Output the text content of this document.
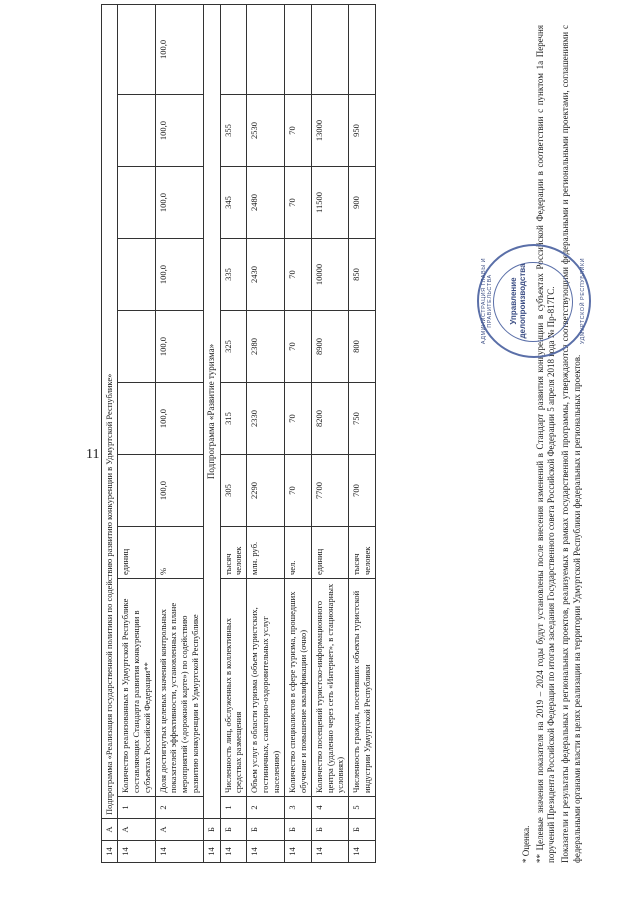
11
14	А	Подпрограмма «Реализация государственной политики по содействию развитию конкуренции в Удмуртской Республике»									
14	А	1	Количество реализованных в Удмуртской Республике составляющих Стандарта развития конкуренции в субъектах Российской Федерации**	единиц							
14	А	2	Доля достигнутых целевых значений контрольных показателей эффективности, установленных в плане мероприятий («дорожной карте») по содействию развитию конкуренции в Удмуртской Республике	%	100,0	100,0	100,0	100,0	100,0	100,0	100,0
14	Б	Подпрограмма «Развитие туризма»									
14	Б	1	Численность лиц, обслуженных в коллективных средствах размещения	тысяч человек	305	315	325	335	345	355	
14	Б	2	Объем услуг в области туризма (объем туристских, гостиничных, санаторно-оздоровительных услуг населению)	млн. руб.	2290	2330	2380	2430	2480	2530	
14	Б	3	Количество специалистов в сфере туризма, прошедших обучение и повышение квалификации (очно)	чел.	70	70	70	70	70	70	
14	Б	4	Количество посещений туристско-информационного центра (удаленно через сеть «Интернет», в стационарных условиях)	единиц	7700	8200	8900	10000	11500	13000	
14	Б	5	Численность граждан, посетивших объекты туристской индустрии Удмуртской Республики	тысяч человек	700	750	800	850	900	950	

* Оценка. ** Целевые значения показателя на 2019 – 2024 годы будут установлены после внесения изменений в Стандарт развития конкуренции в субъектах Российской Федерации в соответствии с пунктом 1а Перечня поручений Президента Российской Федерации по итогам заседания Государственного совета Российской Федерации 5 апреля 2018 года № Пр-817ГС. Показатели и результаты федеральных и региональных проектов, реализуемых в рамках государственной программы, утверждаются соответствующими федеральными и региональными проектами, соглашениями с федеральными органами власти в целях реализации на территории Удмуртской Республики федеральных и региональных проектов.

АДМИНИСТРАЦИЯ ГЛАВЫ И ПРАВИТЕЛЬСТВА Управление делопроизводства	УДМУРТСКОЙ РЕСПУБЛИКИ
